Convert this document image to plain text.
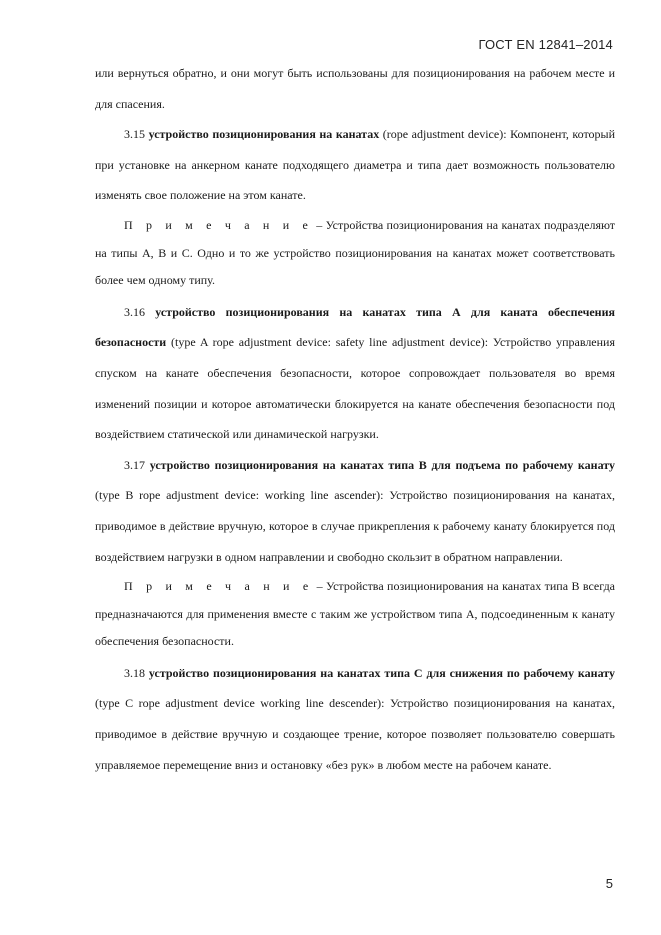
ГОСТ EN 12841–2014

или вернуться обратно, и они могут быть использованы для позиционирования на рабочем месте и для спасения.

3.15 устройство позиционирования на канатах (rope adjustment device): Компонент, который при установке на анкерном канате подходящего диаметра и типа дает возможность пользователю изменять свое положение на этом канате.

П р и м е ч а н и е – Устройства позиционирования на канатах подразделяют на типы А, В и С. Одно и то же устройство позиционирования на канатах может соответствовать более чем одному типу.

3.16 устройство позиционирования на канатах типа А для каната обеспечения безопасности (type A rope adjustment device: safety line adjustment device): Устройство управления спуском на канате обеспечения безопасности, которое сопровождает пользователя во время изменений позиции и которое автоматически блокируется на канате обеспечения безопасности под воздействием статической или динамической нагрузки.

3.17 устройство позиционирования на канатах типа В для подъема по рабочему канату (type B rope adjustment device: working line ascender): Устройство позиционирования на канатах, приводимое в действие вручную, которое в случае прикрепления к рабочему канату блокируется под воздействием нагрузки в одном направлении и свободно скользит в обратном направлении.

П р и м е ч а н и е – Устройства позиционирования на канатах типа В всегда предназначаются для применения вместе с таким же устройством типа А, подсоединенным к канату обеспечения безопасности.

3.18 устройство позиционирования на канатах типа С для снижения по рабочему канату (type C rope adjustment device working line descender): Устройство позиционирования на канатах, приводимое в действие вручную и создающее трение, которое позволяет пользователю совершать управляемое перемещение вниз и остановку «без рук» в любом месте на рабочем канате.

5
